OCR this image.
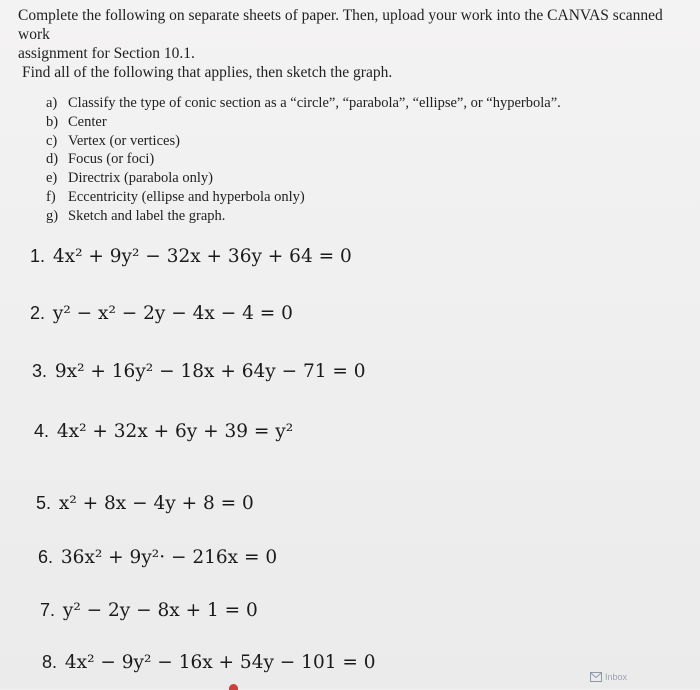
Complete the following on separate sheets of paper. Then, upload your work into the CANVAS scanned work
assignment for Section 10.1.
Find all of the following that applies, then sketch the graph.
a) Classify the type of conic section as a “circle”, “parabola”, “ellipse”, or “hyperbola”.
b) Center
c) Vertex (or vertices)
d) Focus (or foci)
e) Directrix (parabola only)
f) Eccentricity (ellipse and hyperbola only)
g) Sketch and label the graph.
1. 4x² + 9y² − 32x + 36y + 64 = 0
2. y² − x² − 2y − 4x − 4 = 0
3. 9x² + 16y² − 18x + 64y − 71 = 0
4. 4x² + 32x + 6y + 39 = y²
5. x² + 8x − 4y + 8 = 0
6. 36x² + 9y²· − 216x = 0
7. y² − 2y − 8x + 1 = 0
8. 4x² − 9y² − 16x + 54y − 101 = 0
Inbox
